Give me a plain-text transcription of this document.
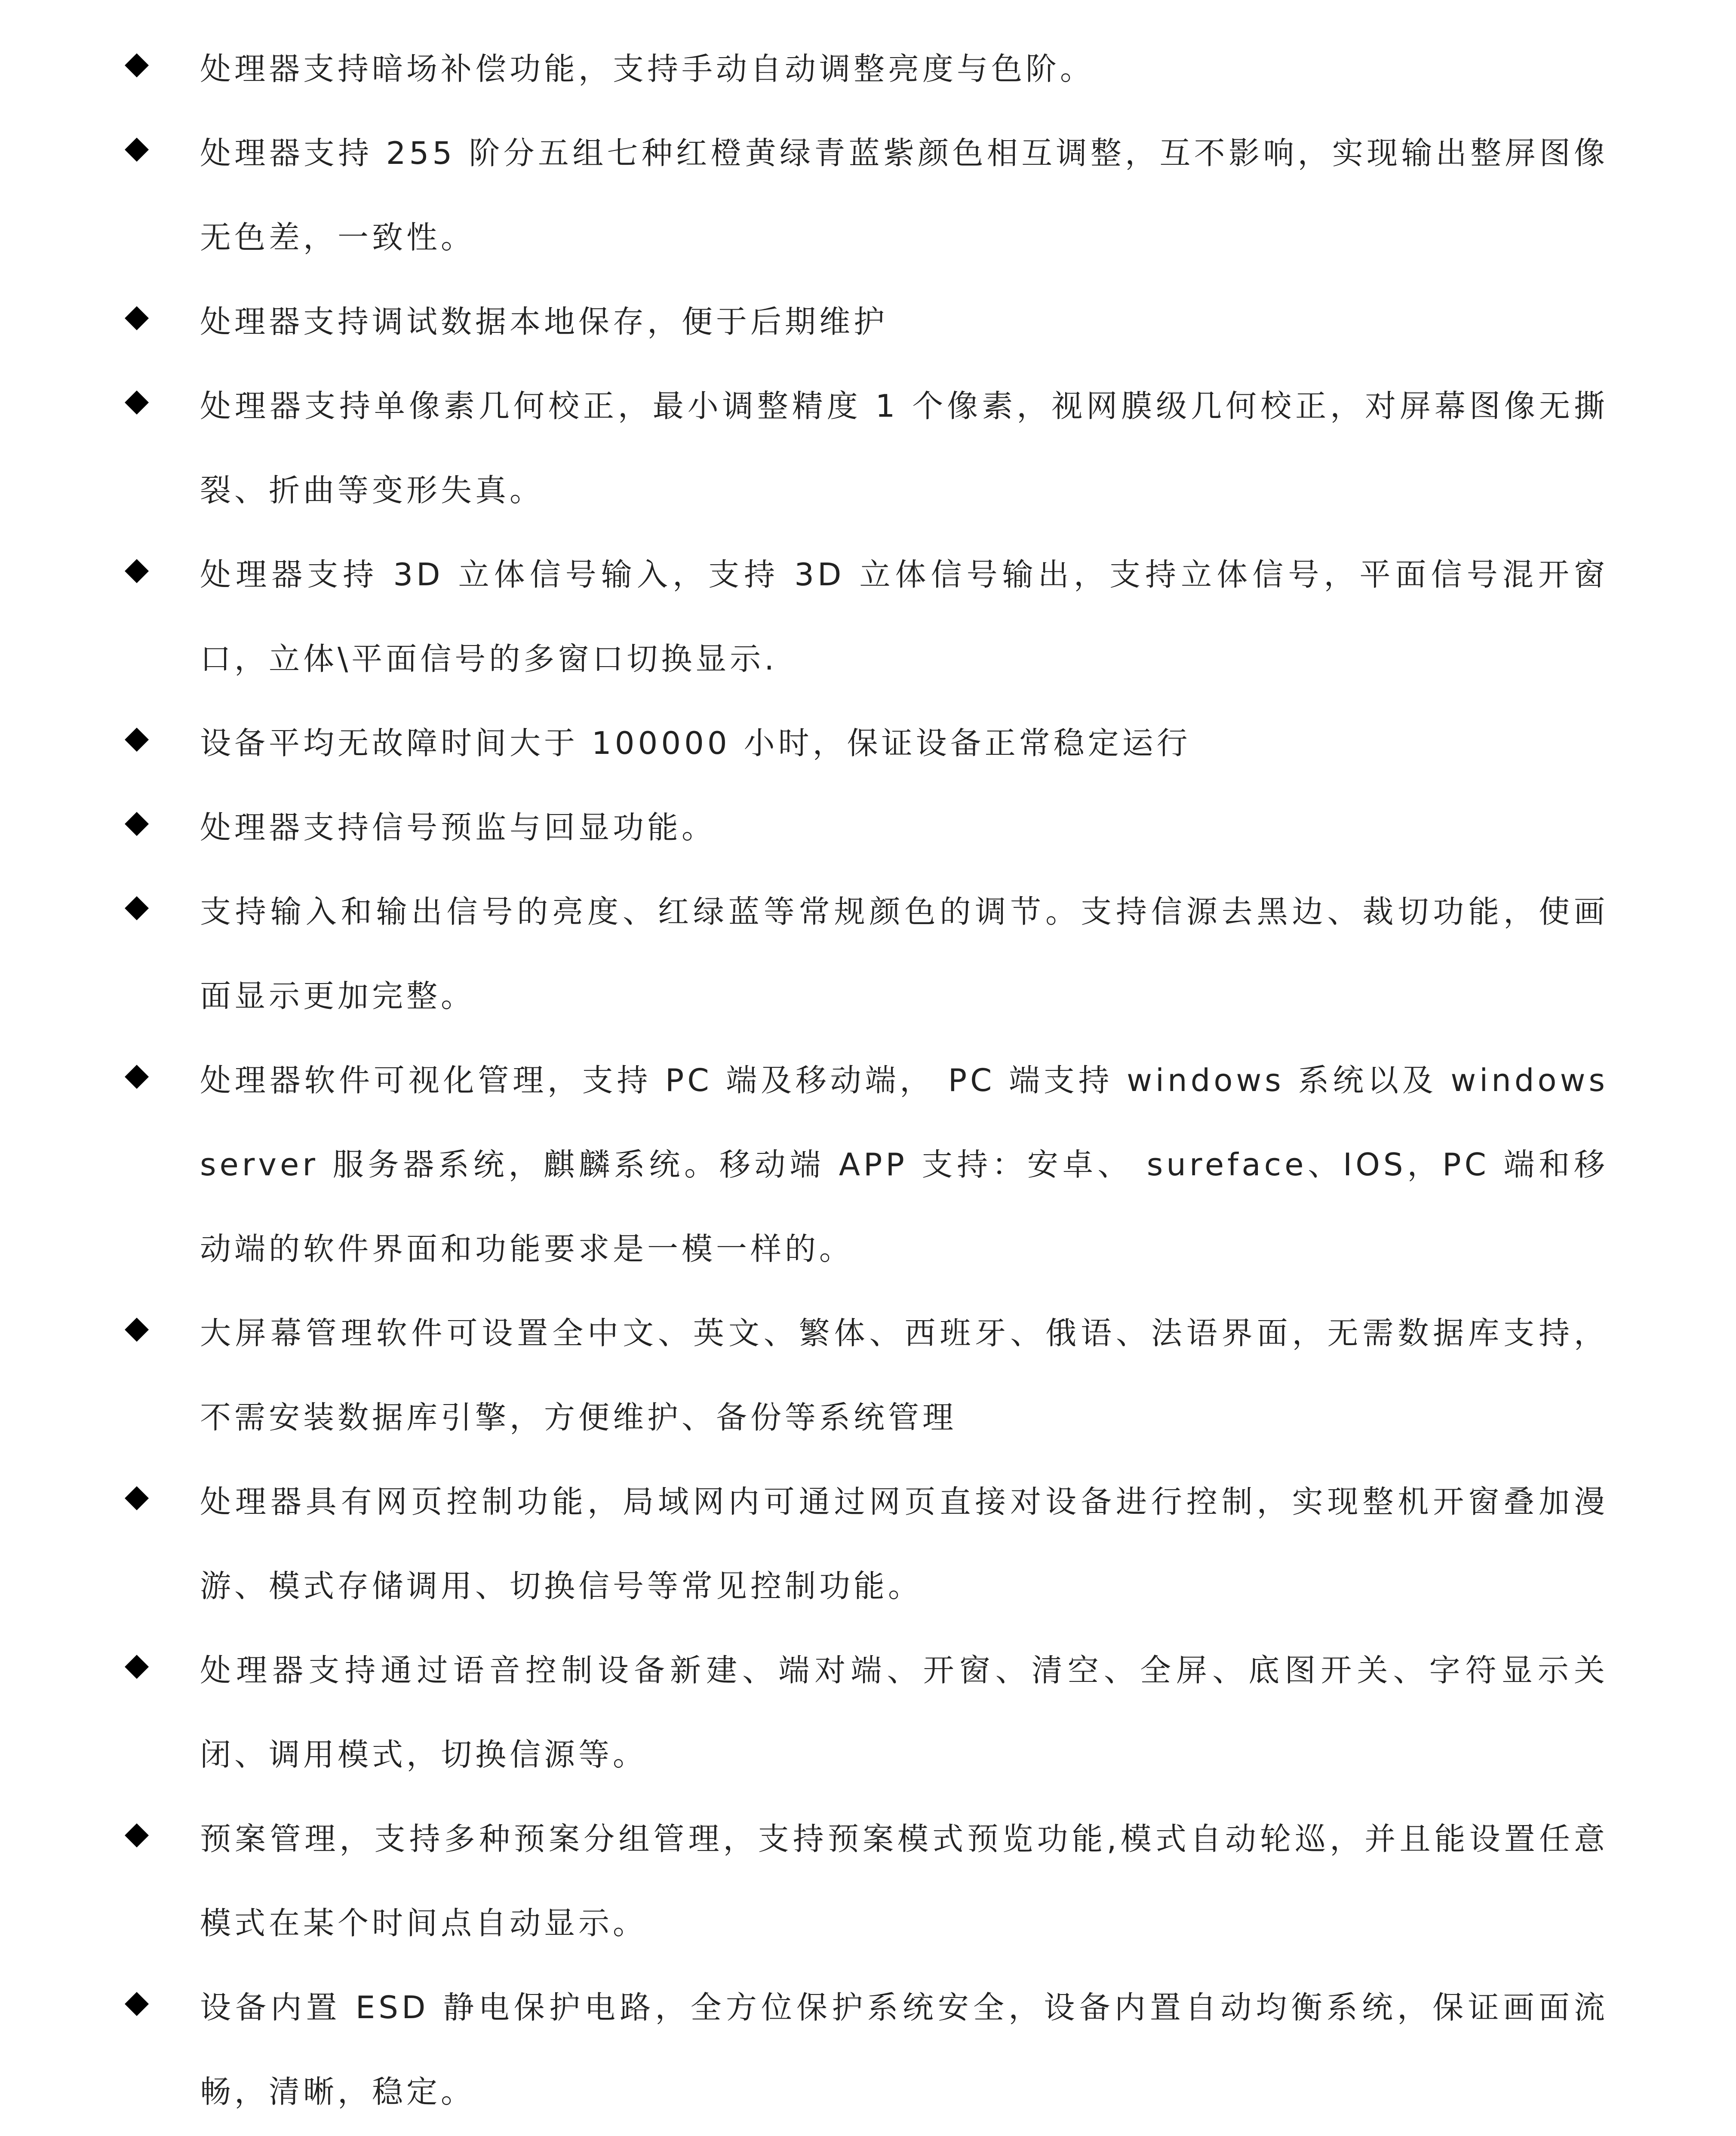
处理器支持暗场补偿功能，支持手动自动调整亮度与色阶。
处理器支持 255 阶分五组七种红橙黄绿青蓝紫颜色相互调整，互不影响，实现输出整屏图像无色差，一致性。
处理器支持调试数据本地保存，便于后期维护
处理器支持单像素几何校正，最小调整精度 1 个像素，视网膜级几何校正，对屏幕图像无撕裂、折曲等变形失真。
处理器支持 3D 立体信号输入，支持 3D 立体信号输出，支持立体信号，平面信号混开窗口，立体\平面信号的多窗口切换显示.
设备平均无故障时间大于 100000 小时，保证设备正常稳定运行
处理器支持信号预监与回显功能。
支持输入和输出信号的亮度、红绿蓝等常规颜色的调节。支持信源去黑边、裁切功能，使画面显示更加完整。
处理器软件可视化管理，支持 PC 端及移动端， PC 端支持 windows 系统以及 windows server 服务器系统，麒麟系统。移动端 APP 支持：安卓、 sureface、IOS，PC 端和移动端的软件界面和功能要求是一模一样的。
大屏幕管理软件可设置全中文、英文、繁体、西班牙、俄语、法语界面，无需数据库支持，不需安装数据库引擎，方便维护、备份等系统管理
处理器具有网页控制功能，局域网内可通过网页直接对设备进行控制，实现整机开窗叠加漫游、模式存储调用、切换信号等常见控制功能。
处理器支持通过语音控制设备新建、端对端、开窗、清空、全屏、底图开关、字符显示关闭、调用模式，切换信源等。
预案管理，支持多种预案分组管理，支持预案模式预览功能,模式自动轮巡，并且能设置任意模式在某个时间点自动显示。
设备内置 ESD 静电保护电路，全方位保护系统安全，设备内置自动均衡系统，保证画面流畅，清晰，稳定。
